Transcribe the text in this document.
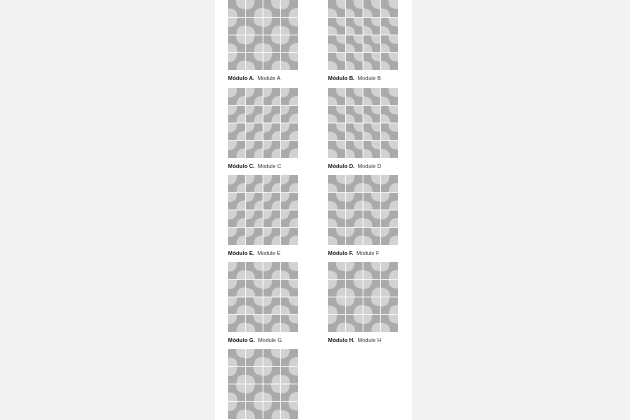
Módulo A. Module A	Módulo B. Module B
Módulo C. Module C	Módulo D. Module D
Módulo E. Module E	Módulo F. Module F
Módulo G. Module G	Módulo H. Module H
